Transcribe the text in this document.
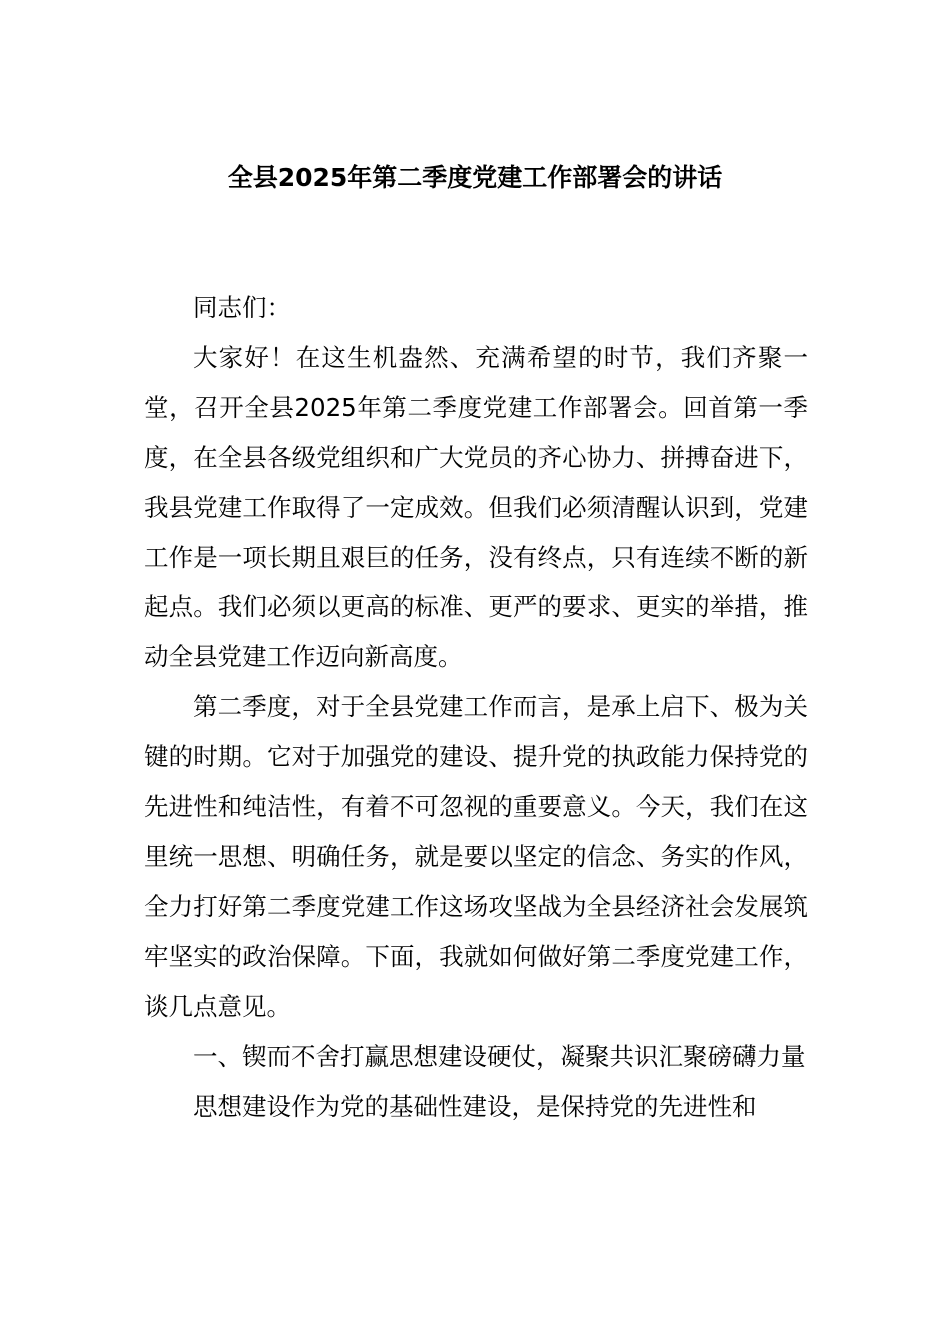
全县2025年第二季度党建工作部署会的讲话

同志们：

大家好！在这生机盎然、充满希望的时节，我们齐聚一堂，召开全县2025年第二季度党建工作部署会。回首第一季度，在全县各级党组织和广大党员的齐心协力、拼搏奋进下，我县党建工作取得了一定成效。但我们必须清醒认识到，党建工作是一项长期且艰巨的任务，没有终点，只有连续不断的新起点。我们必须以更高的标准、更严的要求、更实的举措，推动全县党建工作迈向新高度。

第二季度，对于全县党建工作而言，是承上启下、极为关键的时期。它对于加强党的建设、提升党的执政能力保持党的先进性和纯洁性，有着不可忽视的重要意义。今天，我们在这里统一思想、明确任务，就是要以坚定的信念、务实的作风，全力打好第二季度党建工作这场攻坚战为全县经济社会发展筑牢坚实的政治保障。下面，我就如何做好第二季度党建工作，谈几点意见。

一、锲而不舍打赢思想建设硬仗，凝聚共识汇聚磅礴力量

思想建设作为党的基础性建设，是保持党的先进性和
